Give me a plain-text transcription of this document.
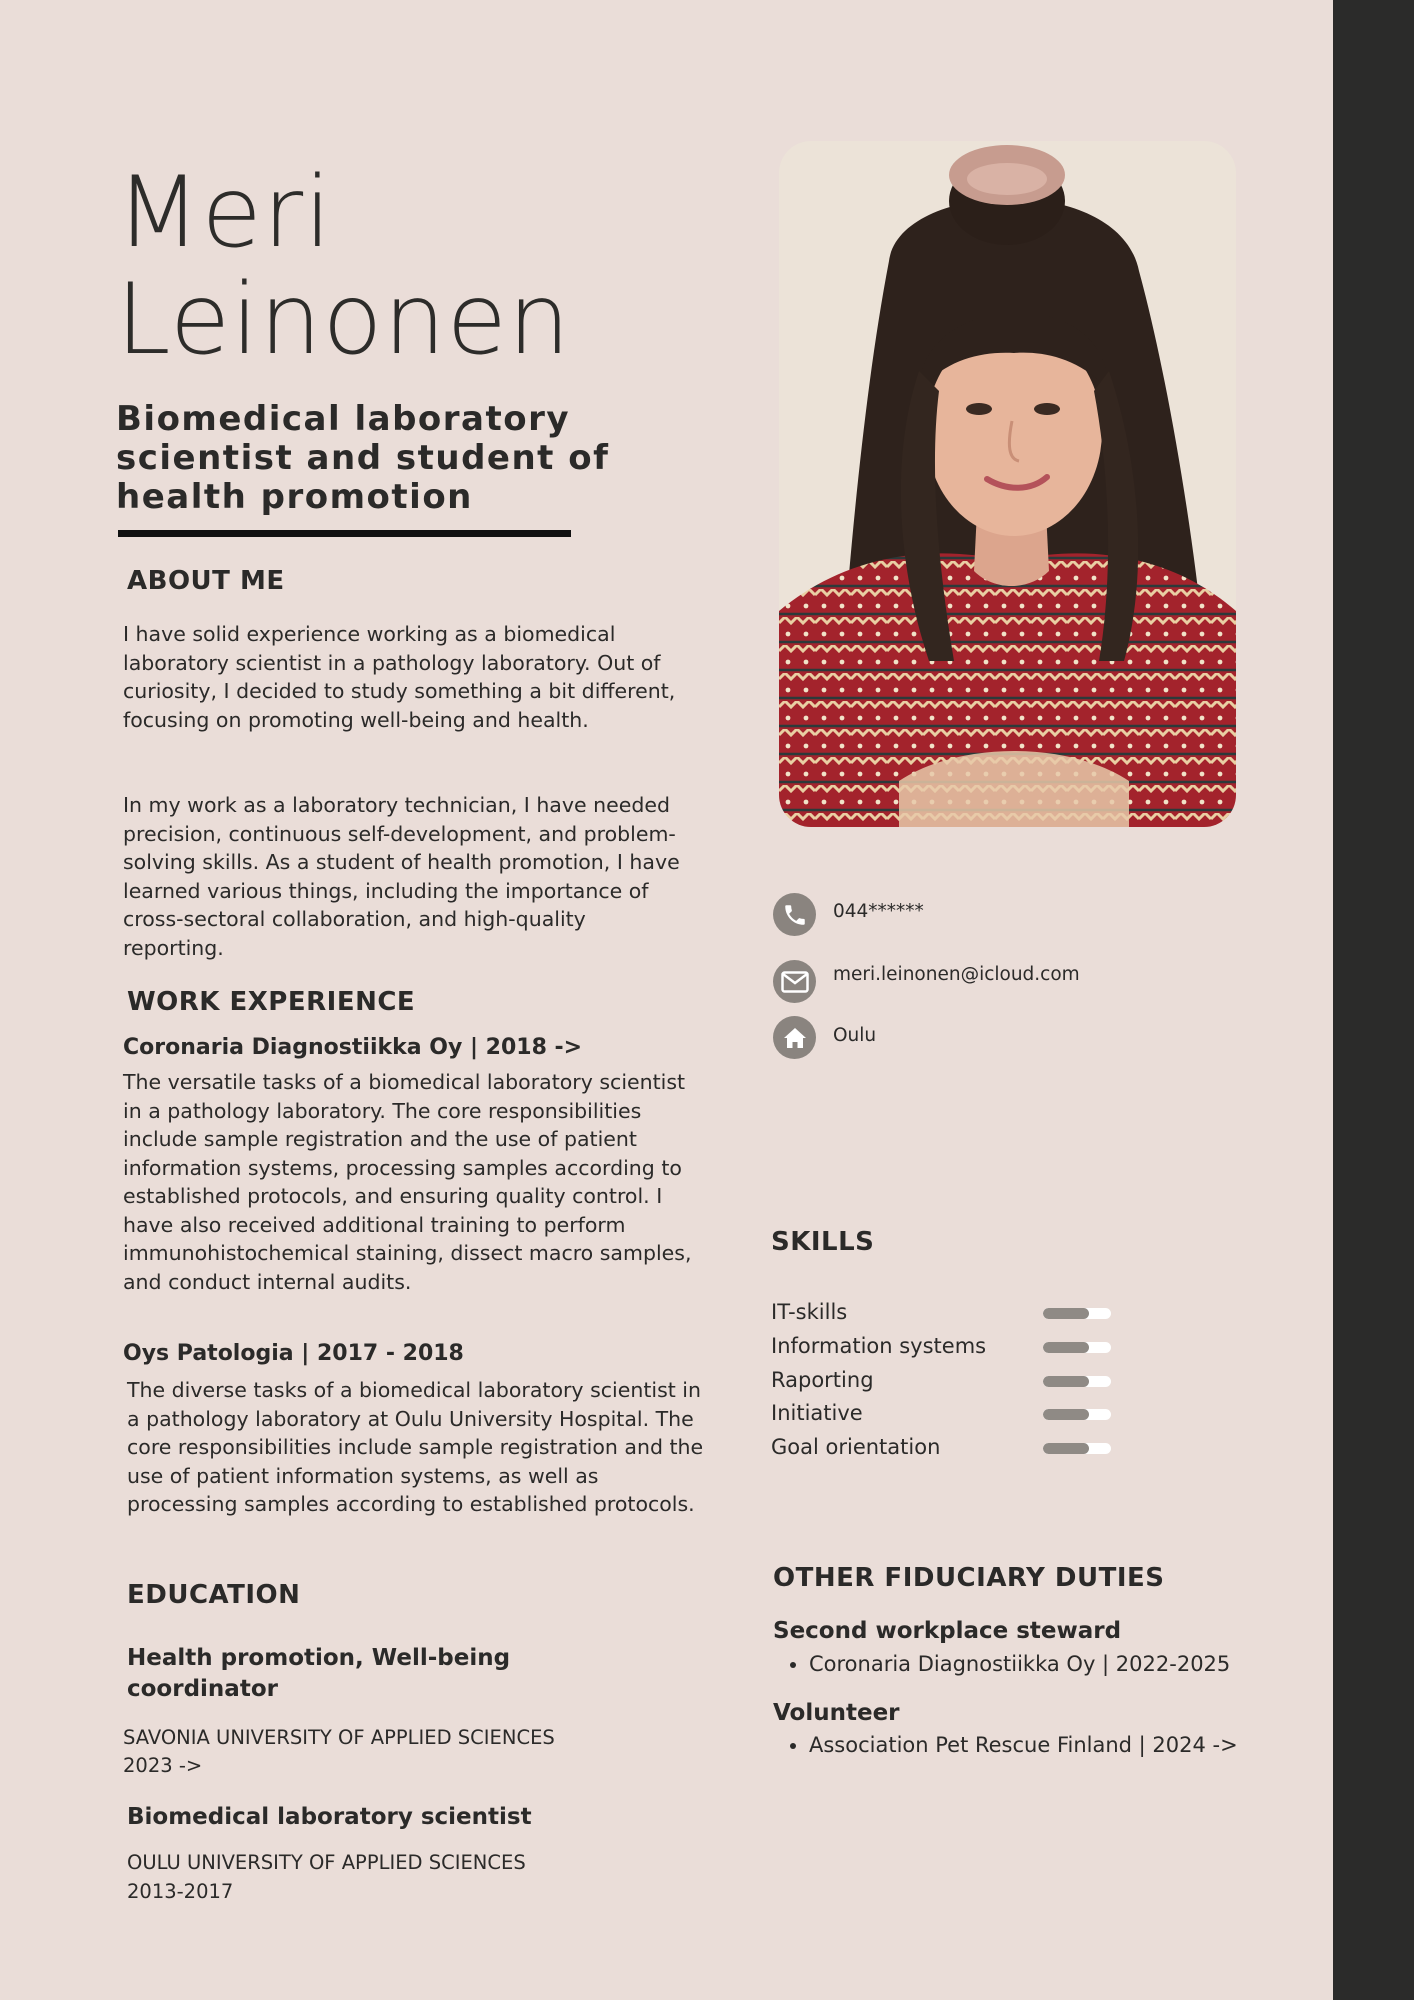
Meri
Leinonen
Biomedical laboratory scientist and student of health promotion
ABOUT ME

I have solid experience working as a biomedical laboratory scientist in a pathology laboratory. Out of curiosity, I decided to study something a bit different, focusing on promoting well-being and health.

In my work as a laboratory technician, I have needed precision, continuous self-development, and problem-solving skills. As a student of health promotion, I have learned various things, including the importance of cross-sectoral collaboration, and high-quality reporting.

WORK EXPERIENCE

Coronaria Diagnostiikka Oy | 2018 ->

The versatile tasks of a biomedical laboratory scientist in a pathology laboratory. The core responsibilities include sample registration and the use of patient information systems, processing samples according to established protocols, and ensuring quality control. I have also received additional training to perform immunohistochemical staining, dissect macro samples, and conduct internal audits.

Oys Patologia | 2017 - 2018

The diverse tasks of a biomedical laboratory scientist in a pathology laboratory at Oulu University Hospital. The core responsibilities include sample registration and the use of patient information systems, as well as processing samples according to established protocols.

EDUCATION

Health promotion, Well-being coordinator

SAVONIA UNIVERSITY OF APPLIED SCIENCES

2023 ->

Biomedical laboratory scientist

OULU UNIVERSITY OF APPLIED SCIENCES

2013-2017

044******
meri.leinonen@icloud.com
Oulu
SKILLS
IT-skills
Information systems
Raporting
Initiative
Goal orientation
OTHER FIDUCIARY DUTIES

Second workplace steward

• Coronaria Diagnostiikka Oy | 2022-2025

Volunteer

• Association Pet Rescue Finland | 2024 ->
